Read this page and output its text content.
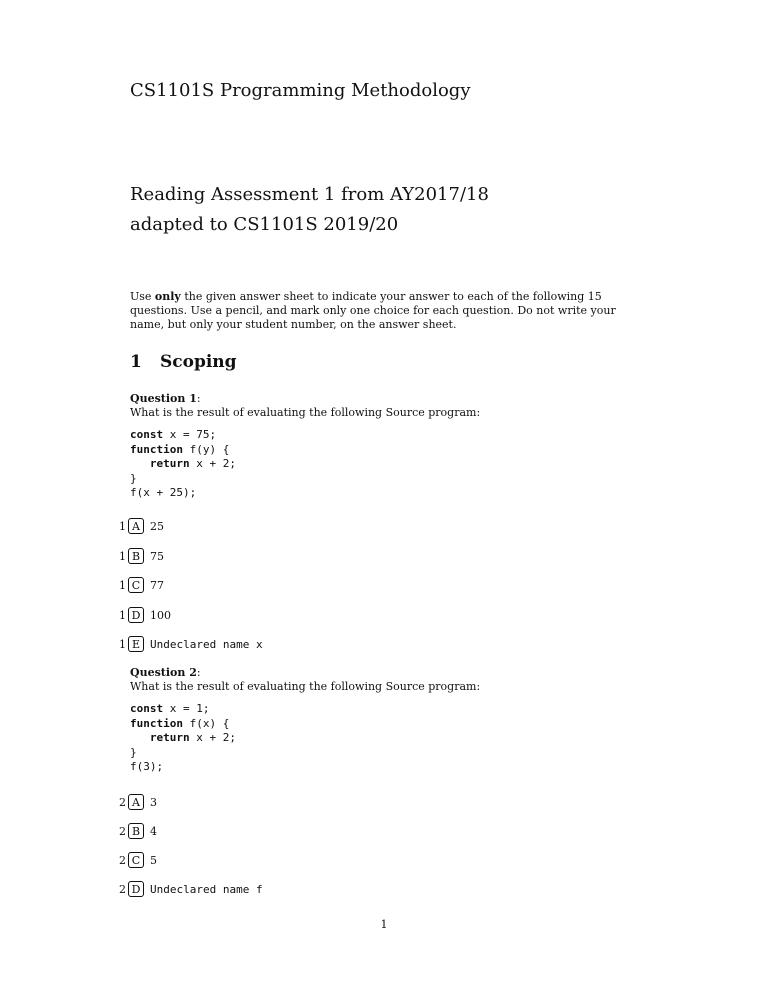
CS1101S Programming Methodology
Reading Assessment 1 from AY2017/18
adapted to CS1101S 2019/20

Use only the given answer sheet to indicate your answer to each of the following 15 questions. Use a pencil, and mark only one choice for each question. Do not write your name, but only your student number, on the answer sheet.

1 Scoping

Question 1:

What is the result of evaluating the following Source program:

const x = 75;
function f(y) {
return x + 2;
}
f(x + 25);
1 A 25
1 B 75
1 C 77
1 D 100
1 E Undeclared name x

Question 2:

What is the result of evaluating the following Source program:

const x = 1;
function f(x) {
return x + 2;
}
f(3);
2 A 3
2 B 4
2 C 5
2 D Undeclared name f
1
